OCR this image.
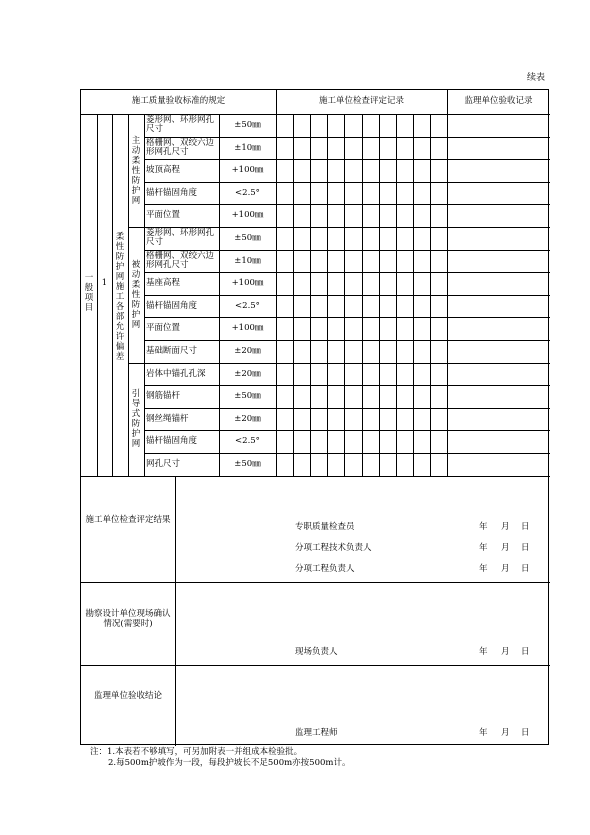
续表
施工质量验收标准的规定	施工单位检查评定记录	监理单位验收记录
一般项目
1
柔性防护网施工各部允许偏差
主动柔性防护网
菱形网、环形网孔尺寸	±50㎜
格栅网、双绞六边形网孔尺寸	±10㎜
坡顶高程	+100㎜
锚杆锚固角度	<2.5°
平面位置	+100㎜
被动柔性防护网
菱形网、环形网孔尺寸	±50㎜
格栅网、双绞六边形网孔尺寸	±10㎜
基座高程	+100㎜
锚杆锚固角度	<2.5°
平面位置	+100㎜
基础断面尺寸	±20㎜
引导式防护网
岩体中锚孔孔深	±20㎜
钢筋锚杆	±50㎜
钢丝绳锚杆	±20㎜
锚杆锚固角度	<2.5°
网孔尺寸	±50㎜
施工单位检查评定结果
专职质量检查员	年 月 日
分项工程技术负责人	年 月 日
分项工程负责人	年 月 日
勘察设计单位现场确认情况(需要时)
现场负责人	年 月 日
监理单位验收结论
监理工程师	年 月 日
注：1.本表若不够填写，可另加附表一并组成本检验批。
2.每500m护坡作为一段，每段护坡长不足500m亦按500m计。
